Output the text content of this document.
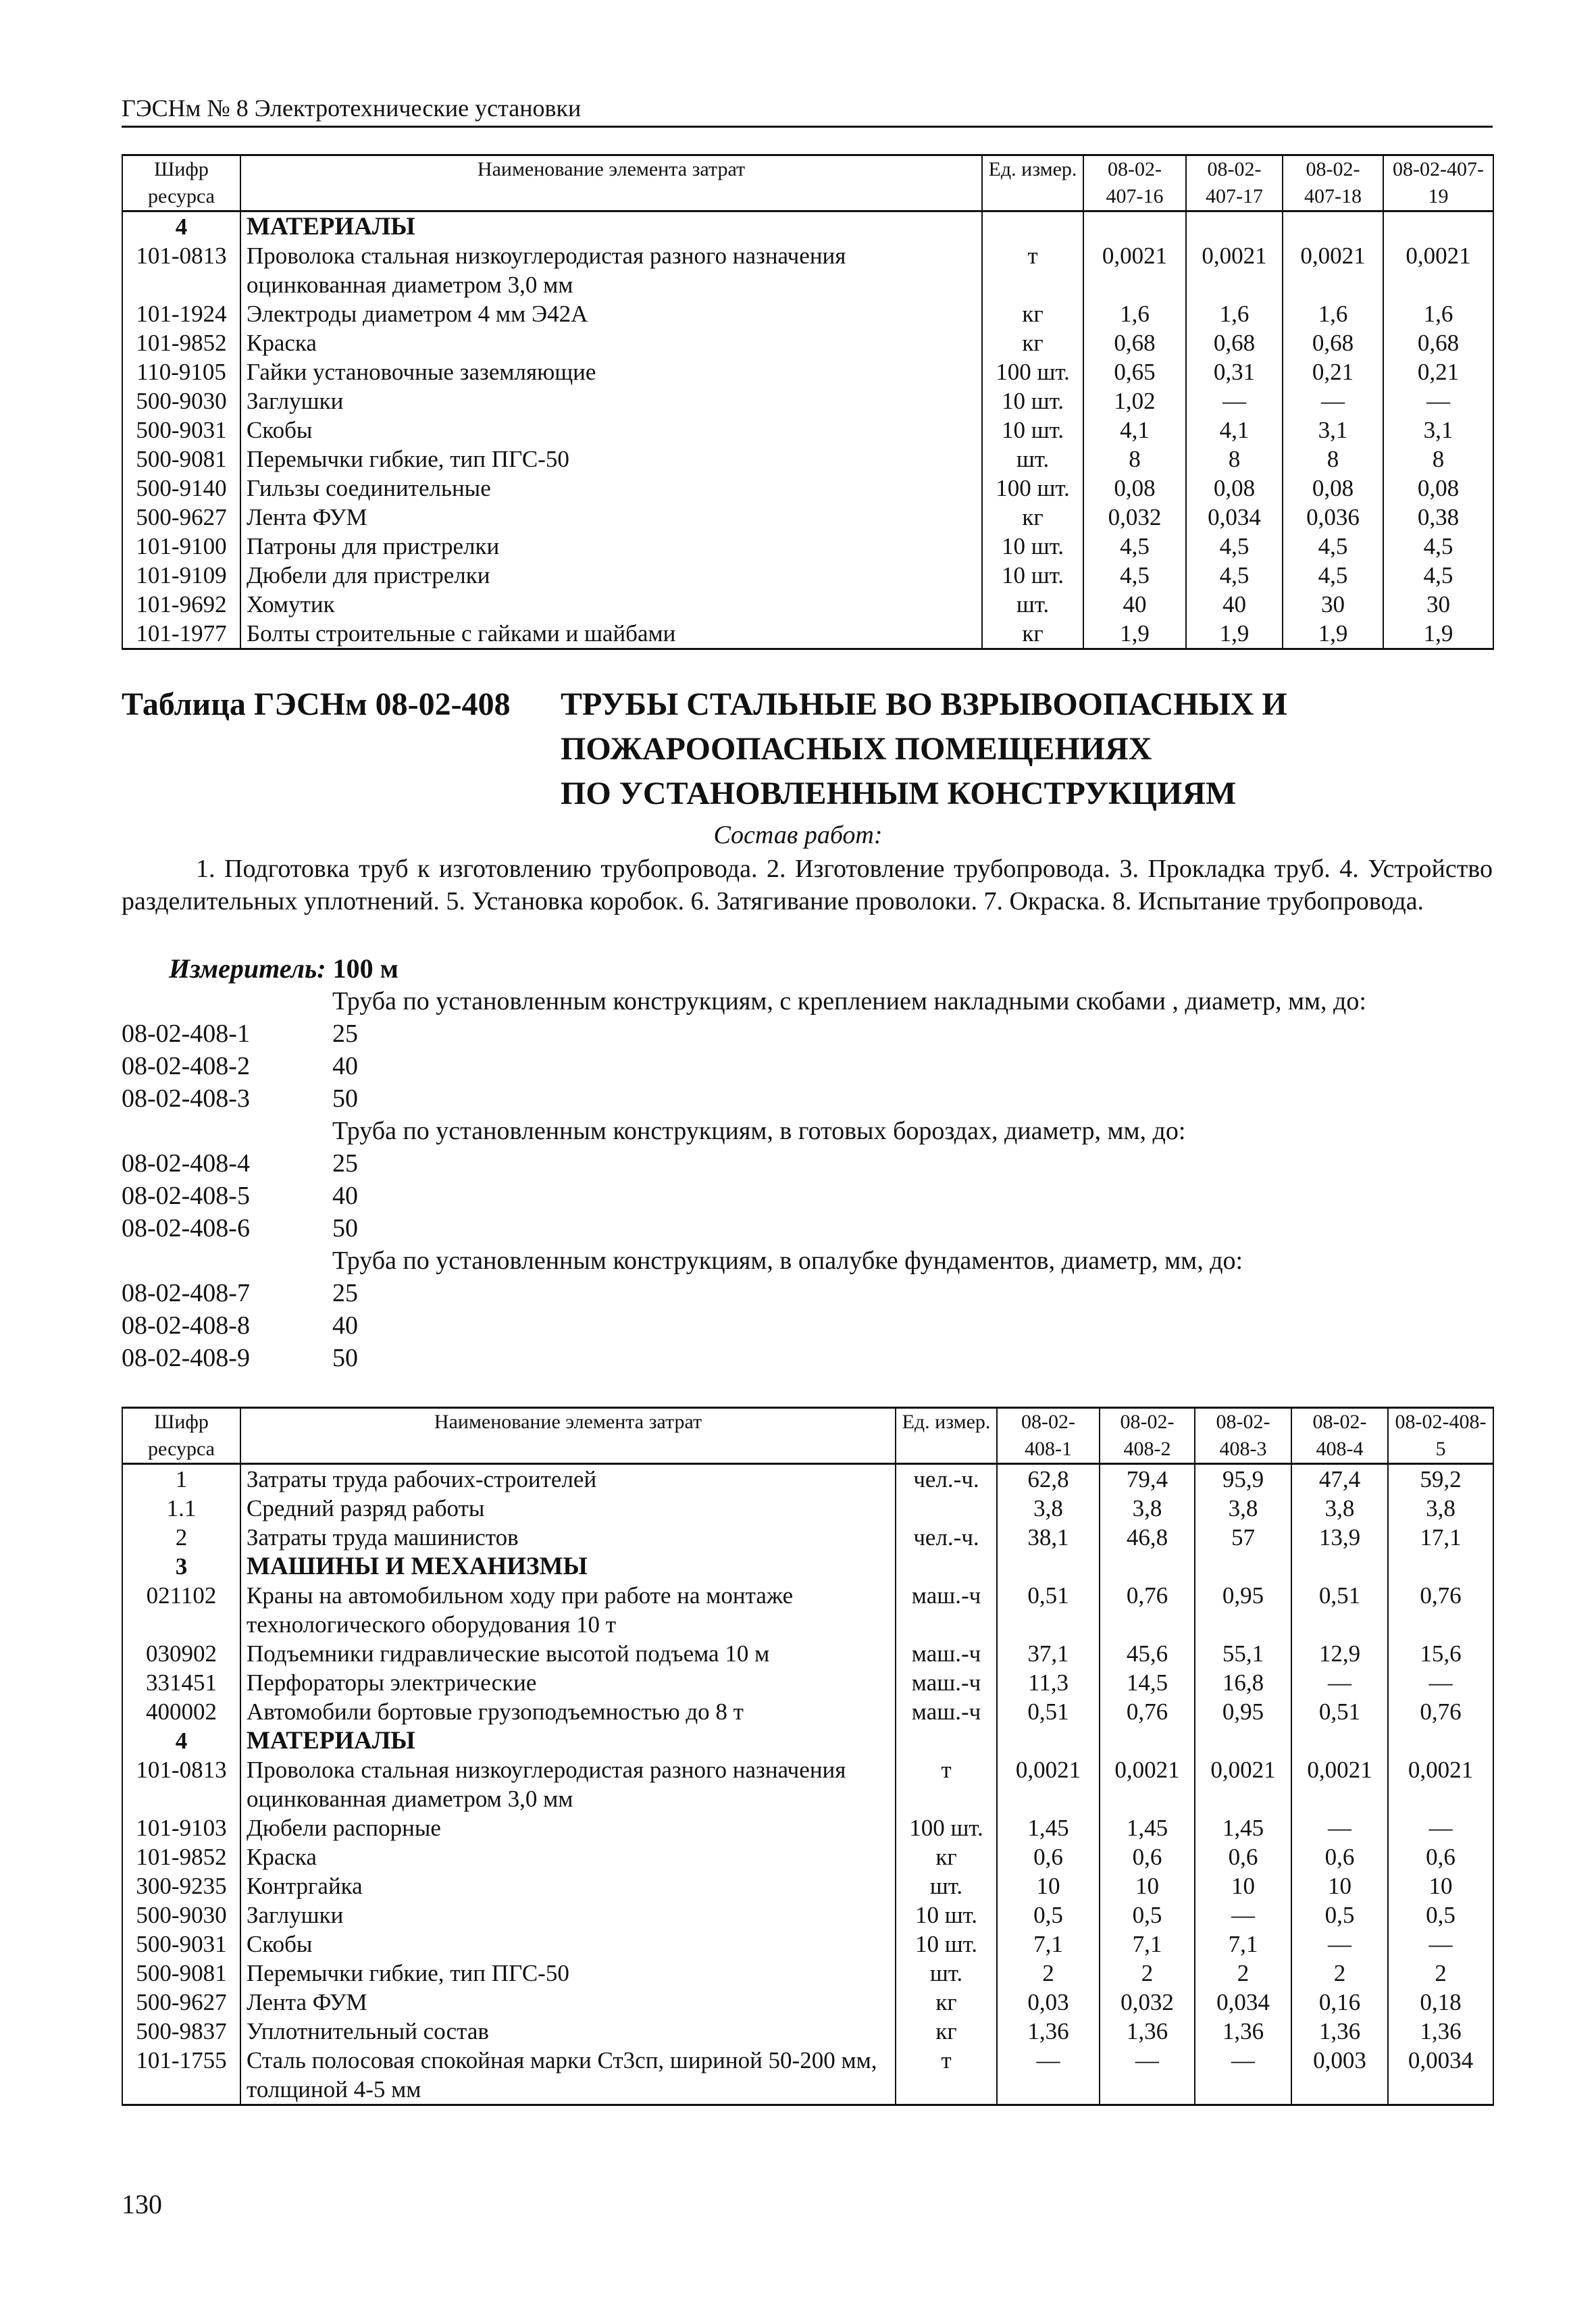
ГЭСНм № 8 Электротехнические установки
Шифр ресурса	Наименование элемента затрат	Ед. измер.	08-02-407-16	08-02-407-17	08-02-407-18	08-02-407-19
4	МАТЕРИАЛЫ					
101-0813	Проволока стальная низкоуглеродистая разного назначения оцинкованная диаметром 3,0 мм	т	0,0021	0,0021	0,0021	0,0021
101-1924	Электроды диаметром 4 мм Э42А	кг	1,6	1,6	1,6	1,6
101-9852	Краска	кг	0,68	0,68	0,68	0,68
110-9105	Гайки установочные заземляющие	100 шт.	0,65	0,31	0,21	0,21
500-9030	Заглушки	10 шт.	1,02	—	—	—
500-9031	Скобы	10 шт.	4,1	4,1	3,1	3,1
500-9081	Перемычки гибкие, тип ПГС-50	шт.	8	8	8	8
500-9140	Гильзы соединительные	100 шт.	0,08	0,08	0,08	0,08
500-9627	Лента ФУМ	кг	0,032	0,034	0,036	0,38
101-9100	Патроны для пристрелки	10 шт.	4,5	4,5	4,5	4,5
101-9109	Дюбели для пристрелки	10 шт.	4,5	4,5	4,5	4,5
101-9692	Хомутик	шт.	40	40	30	30
101-1977	Болты строительные с гайками и шайбами	кг	1,9	1,9	1,9	1,9
Таблица ГЭСНм 08-02-408 ТРУБЫ СТАЛЬНЫЕ ВО ВЗРЫВООПАСНЫХ И
ПОЖАРООПАСНЫХ ПОМЕЩЕНИЯХ
ПО УСТАНОВЛЕННЫМ КОНСТРУКЦИЯМ
Состав работ:
1. Подготовка труб к изготовлению трубопровода. 2. Изготовление трубопровода. 3. Прокладка труб. 4. Устройство разделительных уплотнений. 5. Установка коробок. 6. Затягивание проволоки. 7. Окраска. 8. Испытание трубопровода.
Измеритель: 100 м
Труба по установленным конструкциям, с креплением накладными скобами , диаметр, мм, до:
08-02-408-1	25
08-02-408-2	40
08-02-408-3	50
Труба по установленным конструкциям, в готовых бороздах, диаметр, мм, до:
08-02-408-4	25
08-02-408-5	40
08-02-408-6	50
Труба по установленным конструкциям, в опалубке фундаментов, диаметр, мм, до:
08-02-408-7	25
08-02-408-8	40
08-02-408-9	50
Шифр ресурса	Наименование элемента затрат	Ед. измер.	08-02-408-1	08-02-408-2	08-02-408-3	08-02-408-4	08-02-408-5
1	Затраты труда рабочих-строителей	чел.-ч.	62,8	79,4	95,9	47,4	59,2
1.1	Средний разряд работы		3,8	3,8	3,8	3,8	3,8
2	Затраты труда машинистов	чел.-ч.	38,1	46,8	57	13,9	17,1
3	МАШИНЫ И МЕХАНИЗМЫ						
021102	Краны на автомобильном ходу при работе на монтаже технологического оборудования 10 т	маш.-ч	0,51	0,76	0,95	0,51	0,76
030902	Подъемники гидравлические высотой подъема 10 м	маш.-ч	37,1	45,6	55,1	12,9	15,6
331451	Перфораторы электрические	маш.-ч	11,3	14,5	16,8	—	—
400002	Автомобили бортовые грузоподъемностью до 8 т	маш.-ч	0,51	0,76	0,95	0,51	0,76
4	МАТЕРИАЛЫ						
101-0813	Проволока стальная низкоуглеродистая разного назначения оцинкованная диаметром 3,0 мм	т	0,0021	0,0021	0,0021	0,0021	0,0021
101-9103	Дюбели распорные	100 шт.	1,45	1,45	1,45	—	—
101-9852	Краска	кг	0,6	0,6	0,6	0,6	0,6
300-9235	Контргайка	шт.	10	10	10	10	10
500-9030	Заглушки	10 шт.	0,5	0,5	—	0,5	0,5
500-9031	Скобы	10 шт.	7,1	7,1	7,1	—	—
500-9081	Перемычки гибкие, тип ПГС-50	шт.	2	2	2	2	2
500-9627	Лента ФУМ	кг	0,03	0,032	0,034	0,16	0,18
500-9837	Уплотнительный состав	кг	1,36	1,36	1,36	1,36	1,36
101-1755	Сталь полосовая спокойная марки Ст3сп, шириной 50-200 мм, толщиной 4-5 мм	т	—	—	—	0,003	0,0034
130
